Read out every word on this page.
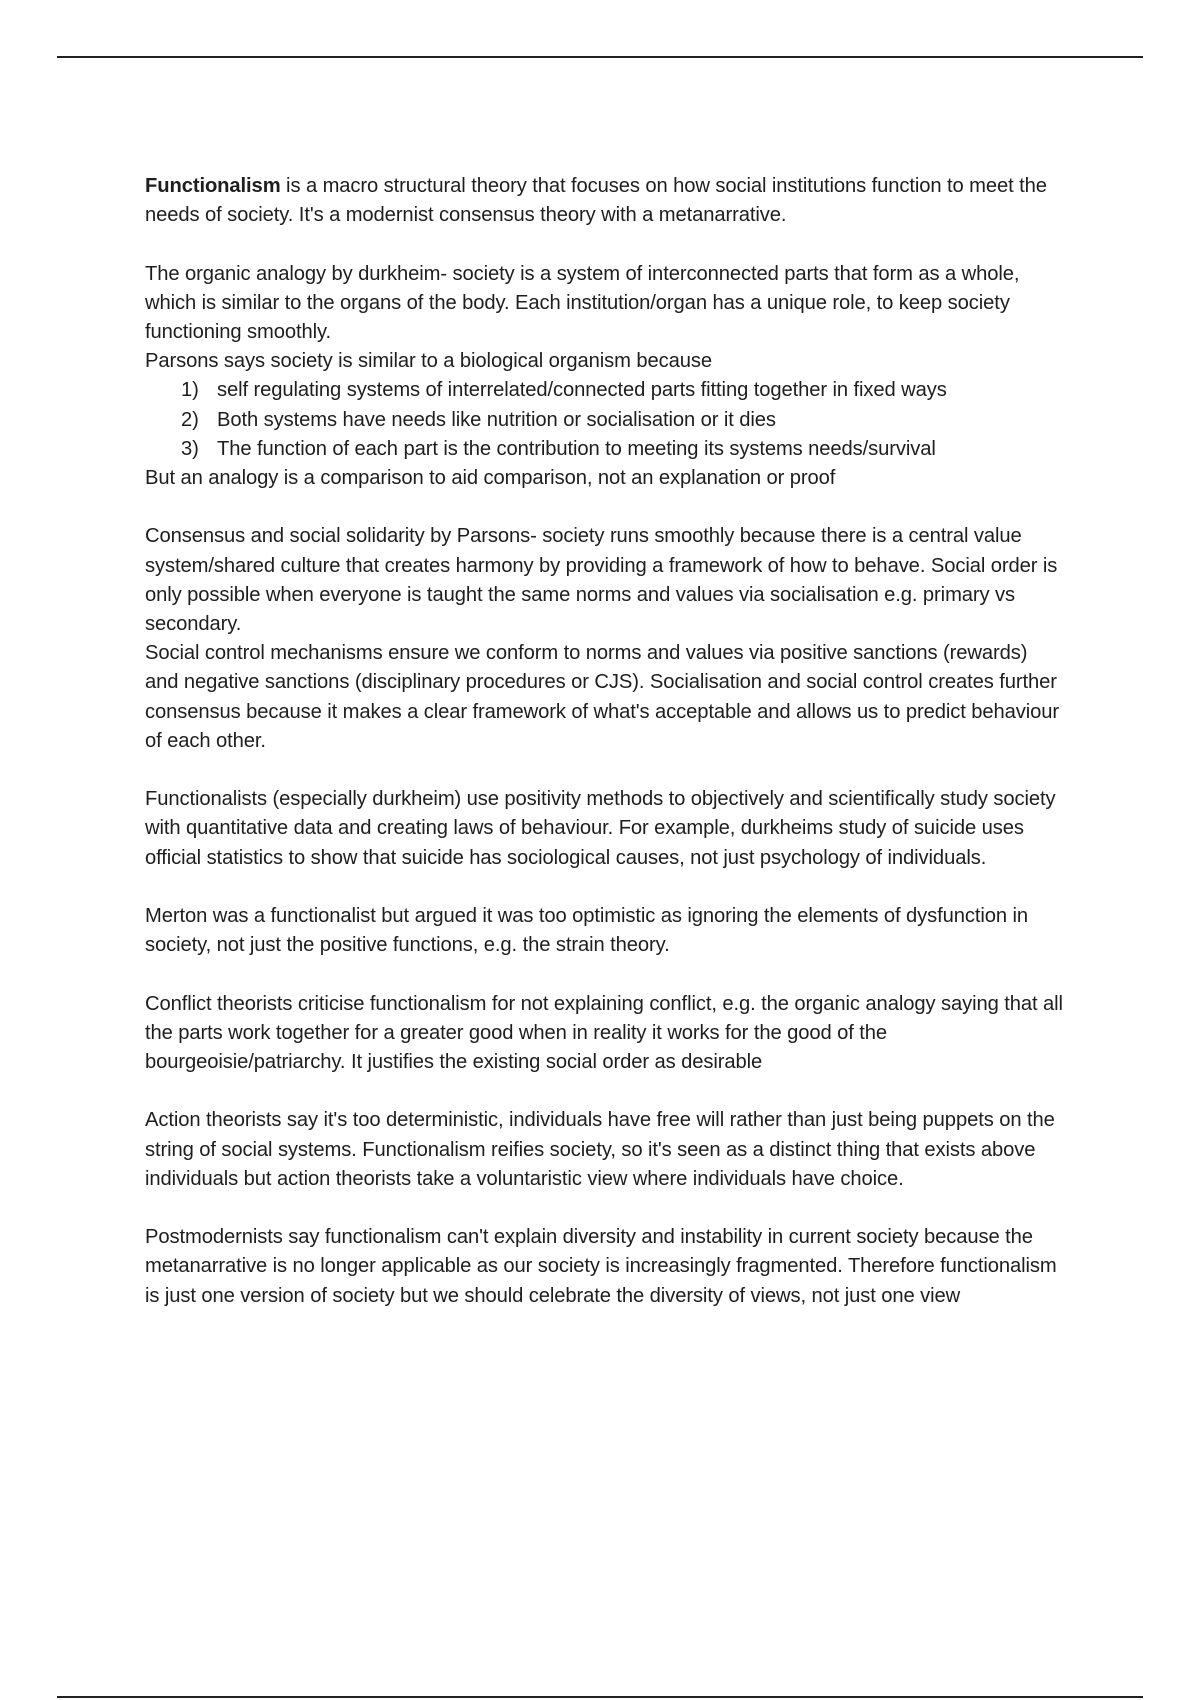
Functionalism is a macro structural theory that focuses on how social institutions function to meet the needs of society. It's a modernist consensus theory with a metanarrative.

The organic analogy by durkheim- society is a system of interconnected parts that form as a whole, which is similar to the organs of the body. Each institution/organ has a unique role, to keep society functioning smoothly.

Parsons says society is similar to a biological organism because

1) self regulating systems of interrelated/connected parts fitting together in fixed ways
2) Both systems have needs like nutrition or socialisation or it dies
3) The function of each part is the contribution to meeting its systems needs/survival

But an analogy is a comparison to aid comparison, not an explanation or proof

Consensus and social solidarity by Parsons- society runs smoothly because there is a central value system/shared culture that creates harmony by providing a framework of how to behave. Social order is only possible when everyone is taught the same norms and values via socialisation e.g. primary vs secondary.

Social control mechanisms ensure we conform to norms and values via positive sanctions (rewards) and negative sanctions (disciplinary procedures or CJS). Socialisation and social control creates further consensus because it makes a clear framework of what's acceptable and allows us to predict behaviour of each other.

Functionalists (especially durkheim) use positivity methods to objectively and scientifically study society with quantitative data and creating laws of behaviour. For example, durkheims study of suicide uses official statistics to show that suicide has sociological causes, not just psychology of individuals.

Merton was a functionalist but argued it was too optimistic as ignoring the elements of dysfunction in society, not just the positive functions, e.g. the strain theory.

Conflict theorists criticise functionalism for not explaining conflict, e.g. the organic analogy saying that all the parts work together for a greater good when in reality it works for the good of the bourgeoisie/patriarchy. It justifies the existing social order as desirable

Action theorists say it's too deterministic, individuals have free will rather than just being puppets on the string of social systems. Functionalism reifies society, so it's seen as a distinct thing that exists above individuals but action theorists take a voluntaristic view where individuals have choice.

Postmodernists say functionalism can't explain diversity and instability in current society because the metanarrative is no longer applicable as our society is increasingly fragmented. Therefore functionalism is just one version of society but we should celebrate the diversity of views, not just one view
